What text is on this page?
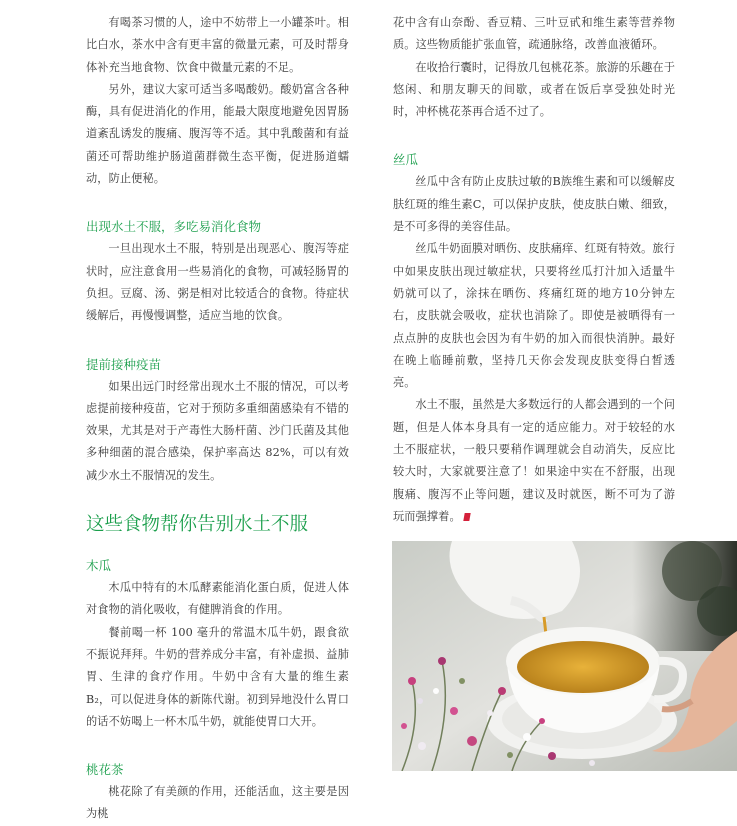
有喝茶习惯的人，途中不妨带上一小罐茶叶。相比白水，茶水中含有更丰富的微量元素，可及时帮身体补充当地食物、饮食中微量元素的不足。

另外，建议大家可适当多喝酸奶。酸奶富含各种酶，具有促进消化的作用，能最大限度地避免因胃肠道紊乱诱发的腹痛、腹泻等不适。其中乳酸菌和有益菌还可帮助维护肠道菌群微生态平衡，促进肠道蠕动，防止便秘。

出现水土不服，多吃易消化食物

一旦出现水土不服，特别是出现恶心、腹泻等症状时，应注意食用一些易消化的食物，可减轻肠胃的负担。豆腐、汤、粥是相对比较适合的食物。待症状缓解后，再慢慢调整，适应当地的饮食。

提前接种疫苗

如果出远门时经常出现水土不服的情况，可以考虑提前接种疫苗，它对于预防多重细菌感染有不错的效果，尤其是对于产毒性大肠杆菌、沙门氏菌及其他多种细菌的混合感染，保护率高达 82%，可以有效减少水土不服情况的发生。

这些食物帮你告别水土不服
木瓜

木瓜中特有的木瓜酵素能消化蛋白质，促进人体对食物的消化吸收，有健脾消食的作用。

餐前喝一杯 100 毫升的常温木瓜牛奶，跟食欲不振说拜拜。牛奶的营养成分丰富，有补虚损、益肺胃、生津的食疗作用。牛奶中含有大量的维生素 B₂，可以促进身体的新陈代谢。初到异地没什么胃口的话不妨喝上一杯木瓜牛奶，就能使胃口大开。

桃花茶

桃花除了有美颜的作用，还能活血，这主要是因为桃

花中含有山奈酚、香豆精、三叶豆甙和维生素等营养物质。这些物质能扩张血管，疏通脉络，改善血液循环。

在收拾行囊时，记得放几包桃花茶。旅游的乐趣在于悠闲、和朋友聊天的间歇，或者在饭后享受独处时光时，冲杯桃花茶再合适不过了。

丝瓜

丝瓜中含有防止皮肤过敏的B族维生素和可以缓解皮肤红斑的维生素C，可以保护皮肤，使皮肤白嫩、细致，是不可多得的美容佳品。

丝瓜牛奶面膜对晒伤、皮肤痛痒、红斑有特效。旅行中如果皮肤出现过敏症状，只要将丝瓜打汁加入适量牛奶就可以了，涂抹在晒伤、疼痛红斑的地方10分钟左右，皮肤就会吸收，症状也消除了。即使是被晒得有一点点肿的皮肤也会因为有牛奶的加入而很快消肿。最好在晚上临睡前敷，坚持几天你会发现皮肤变得白皙透亮。

水土不服，虽然是大多数远行的人都会遇到的一个问题，但是人体本身具有一定的适应能力。对于较轻的水土不服症状，一般只要稍作调理就会自动消失，反应比较大时，大家就要注意了！如果途中实在不舒服，出现腹痛、腹泻不止等问题，建议及时就医，断不可为了游玩而强撑着。
